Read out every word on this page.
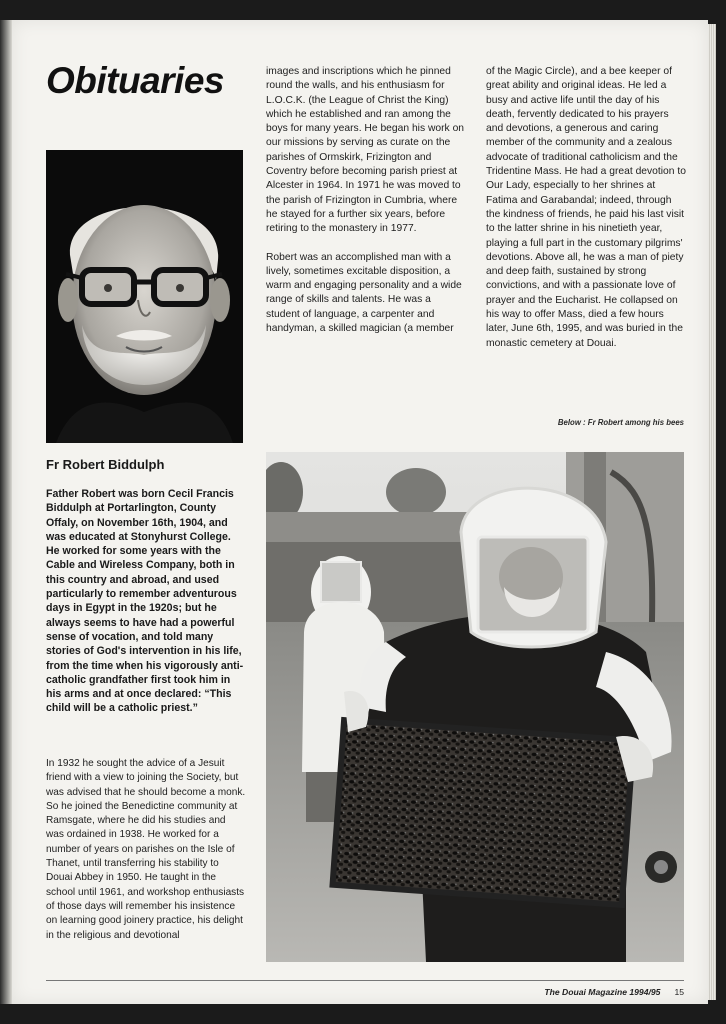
Obituaries	images and inscriptions which he pinned round the walls, and his enthusiasm for L.O.C.K. (the League of Christ the King) which he established and ran among the boys for many years. He began his work on our missions by serving as curate on the parishes of Ormskirk, Frizington and Coventry before becoming parish priest at Alcester in 1964. In 1971 he was moved to the parish of Frizington in Cumbria, where he stayed for a further six years, before retiring to the monastery in 1977.

Robert was an accomplished man with a lively, sometimes excitable disposition, a warm and engaging personality and a wide range of skills and talents. He was a student of language, a carpenter and handyman, a skilled magician (a member

of the Magic Circle), and a bee keeper of great ability and original ideas. He led a busy and active life until the day of his death, fervently dedicated to his prayers and devotions, a generous and caring member of the community and a zealous advocate of traditional catholicism and the Tridentine Mass. He had a great devotion to Our Lady, especially to her shrines at Fatima and Garabandal; indeed, through the kindness of friends, he paid his last visit to the latter shrine in his ninetieth year, playing a full part in the customary pilgrims' devotions. Above all, he was a man of piety and deep faith, sustained by strong convictions, and with a passionate love of prayer and the Eucharist. He collapsed on his way to offer Mass, died a few hours later, June 6th, 1995, and was buried in the monastic cemetery at Douai.

Fr Robert Biddulph

Father Robert was born Cecil Francis Biddulph at Portarlington, County Offaly, on November 16th, 1904, and was educated at Stonyhurst College. He worked for some years with the Cable and Wireless Company, both in this country and abroad, and used particularly to remember adventurous days in Egypt in the 1920s; but he always seems to have had a powerful sense of vocation, and told many stories of God's intervention in his life, from the time when his vigorously anti-catholic grandfather first took him in his arms and at once declared: “This child will be a catholic priest.”

In 1932 he sought the advice of a Jesuit friend with a view to joining the Society, but was advised that he should become a monk. So he joined the Benedictine community at Ramsgate, where he did his studies and was ordained in 1938. He worked for a number of years on parishes on the Isle of Thanet, until transferring his stability to Douai Abbey in 1950. He taught in the school until 1961, and workshop enthusiasts of those days will remember his insistence on learning good joinery practice, his delight in the religious and devotional

Below : Fr Robert among his bees

The Douai Magazine 1994/95 15
